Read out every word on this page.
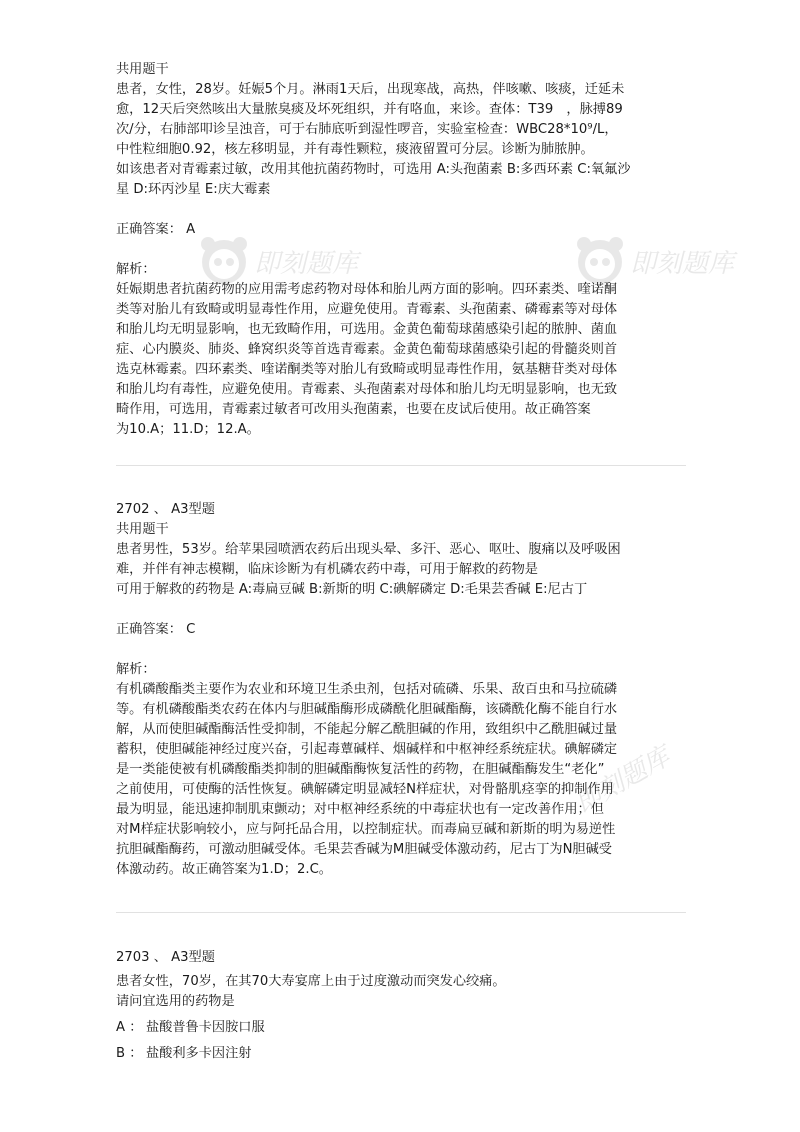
即刻题库	即刻题库
即刻题库
共用题干
患者，女性，28岁。妊娠5个月。淋雨1天后，出现寒战，高热，伴咳嗽、咳痰，迁延未
愈，12天后突然咳出大量脓臭痰及坏死组织，并有咯血，来诊。查体：T39　，脉搏89
次/分，右肺部叩诊呈浊音，可于右肺底听到湿性啰音，实验室检查：WBC28*10⁹/L，
中性粒细胞0.92，核左移明显，并有毒性颗粒，痰液留置可分层。诊断为肺脓肿。
如该患者对青霉素过敏，改用其他抗菌药物时，可选用 A:头孢菌素 B:多西环素 C:氧氟沙
星 D:环丙沙星 E:庆大霉素
正确答案： A
解析：
妊娠期患者抗菌药物的应用需考虑药物对母体和胎儿两方面的影响。四环素类、喹诺酮
类等对胎儿有致畸或明显毒性作用，应避免使用。青霉素、头孢菌素、磷霉素等对母体
和胎儿均无明显影响，也无致畸作用，可选用。金黄色葡萄球菌感染引起的脓肿、菌血
症、心内膜炎、肺炎、蜂窝织炎等首选青霉素。金黄色葡萄球菌感染引起的骨髓炎则首
选克林霉素。四环素类、喹诺酮类等对胎儿有致畸或明显毒性作用，氨基糖苷类对母体
和胎儿均有毒性，应避免使用。青霉素、头孢菌素对母体和胎儿均无明显影响，也无致
畸作用，可选用，青霉素过敏者可改用头孢菌素，也要在皮试后使用。故正确答案
为10.A；11.D；12.A。
2702 、 A3型题
共用题干
患者男性，53岁。给苹果园喷洒农药后出现头晕、多汗、恶心、呕吐、腹痛以及呼吸困
难，并伴有神志模糊，临床诊断为有机磷农药中毒，可用于解救的药物是
可用于解救的药物是 A:毒扁豆碱 B:新斯的明 C:碘解磷定 D:毛果芸香碱 E:尼古丁
正确答案： C
解析：
有机磷酸酯类主要作为农业和环境卫生杀虫剂，包括对硫磷、乐果、敌百虫和马拉硫磷
等。有机磷酸酯类农药在体内与胆碱酯酶形成磷酰化胆碱酯酶，该磷酰化酶不能自行水
解，从而使胆碱酯酶活性受抑制，不能起分解乙酰胆碱的作用，致组织中乙酰胆碱过量
蓄积，使胆碱能神经过度兴奋，引起毒蕈碱样、烟碱样和中枢神经系统症状。碘解磷定
是一类能使被有机磷酸酯类抑制的胆碱酯酶恢复活性的药物，在胆碱酯酶发生“老化”
之前使用，可使酶的活性恢复。碘解磷定明显减轻N样症状，对骨骼肌痉挛的抑制作用
最为明显，能迅速抑制肌束颤动；对中枢神经系统的中毒症状也有一定改善作用；但
对M样症状影响较小，应与阿托品合用，以控制症状。而毒扁豆碱和新斯的明为易逆性
抗胆碱酯酶药，可激动胆碱受体。毛果芸香碱为M胆碱受体激动药，尼古丁为N胆碱受
体激动药。故正确答案为1.D；2.C。
2703 、 A3型题
患者女性，70岁，在其70大寿宴席上由于过度激动而突发心绞痛。
请问宜选用的药物是
A ： 盐酸普鲁卡因胺口服
B ： 盐酸利多卡因注射
